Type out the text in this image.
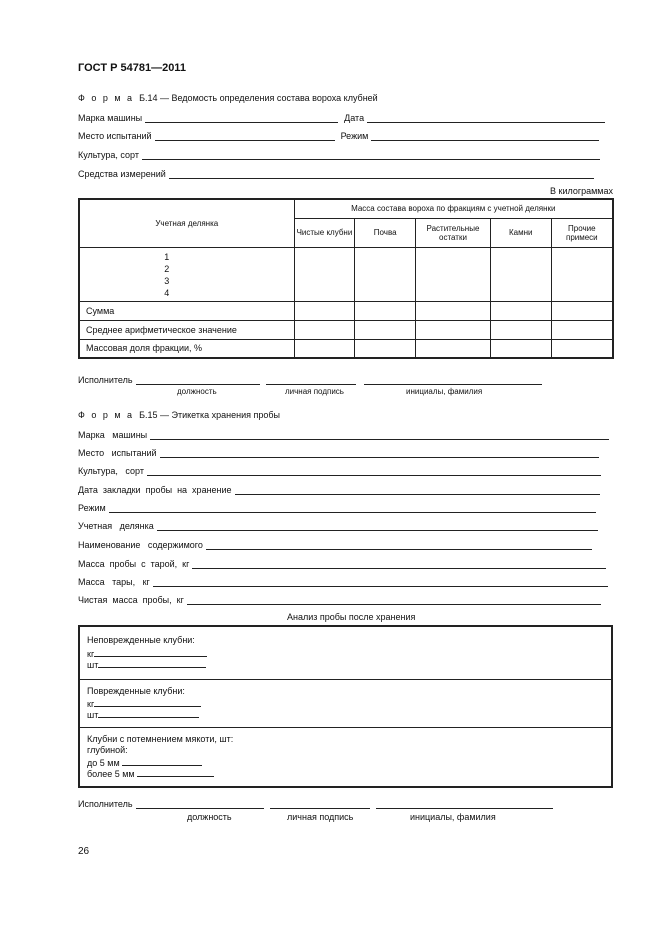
ГОСТ Р 54781—2011
Ф о р м а Б.14 — Ведомость определения состава вороха клубней
Марка машины	Дата
Место испытаний	Режим
Культура, сорт
Средства измерений
В килограммах
Учетная делянка	Масса состава вороха по фракциям с учетной делянки				
	Чистые клубни	Почва	Растительные остатки	Камни	Прочие примеси

1
2
3
4					

Сумма					
Среднее арифметическое значение					
Массовая доля фракции, %					
Исполнитель
должность	личная подпись	инициалы, фамилия
Ф о р м а Б.15 — Этикетка хранения пробы
Марка   машины
Место   испытаний
Культура,   сорт
Дата  закладки  пробы  на  хранение
Режим
Учетная   делянка
Наименование   содержимого
Масса  пробы  с  тарой,  кг
Масса   тары,   кг
Чистая  масса  пробы,  кг
Анализ пробы после хранения
Неповрежденные клубни:
кг
шт
Поврежденные клубни:
кг
шт
Клубни с потемнением мякоти, шт:
глубиной:
до 5 мм
более 5 мм
Исполнитель
должность	личная подпись	инициалы, фамилия
26
